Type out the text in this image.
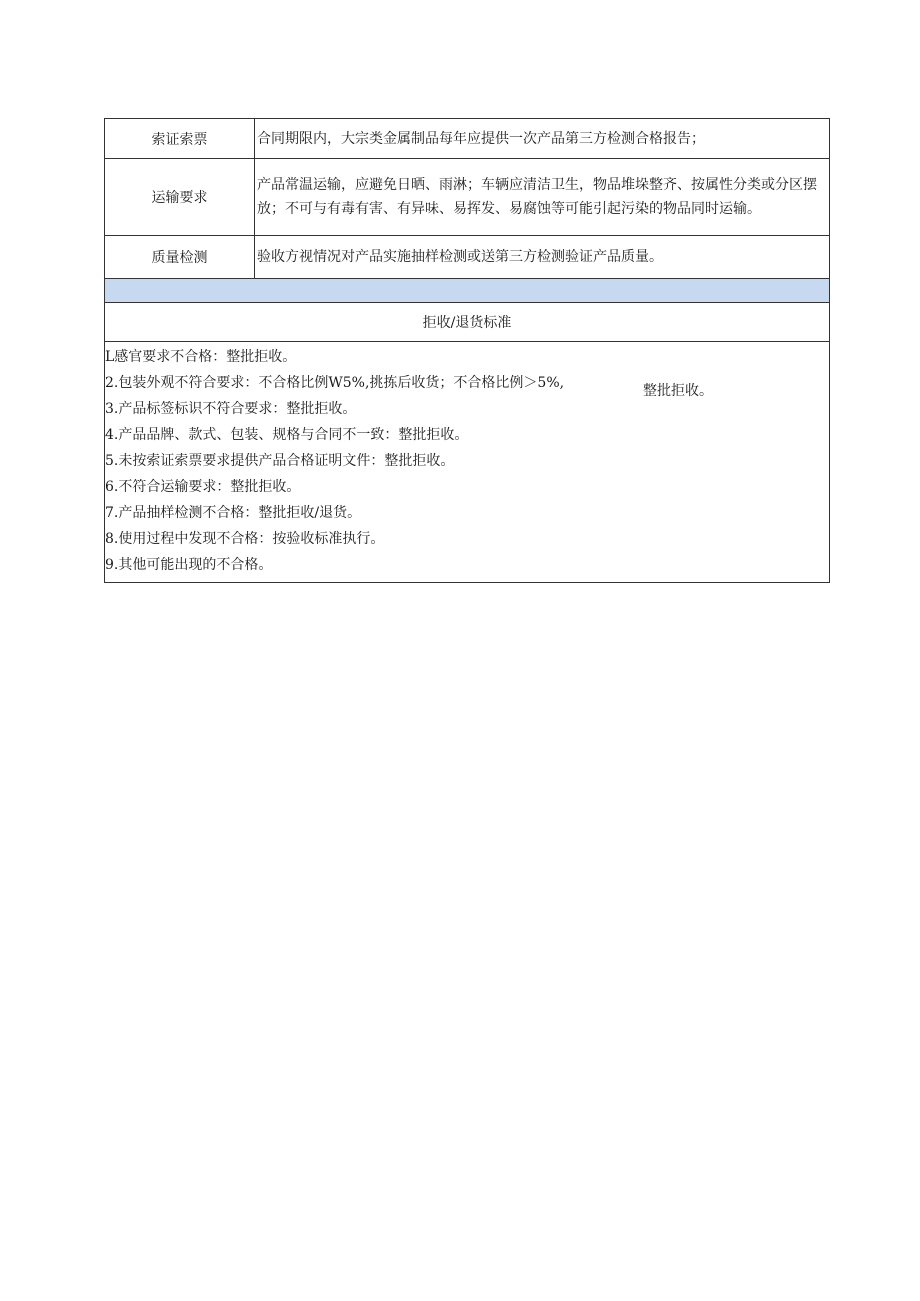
索证索票	合同期限内，大宗类金属制品每年应提供一次产品第三方检测合格报告；
运输要求
产品常温运输，应避免日晒、雨淋；车辆应清洁卫生，物品堆垛整齐、按属性分类或分区摆放；不可与有毒有害、有异味、易挥发、易腐蚀等可能引起污染的物品同时运输。
质量检测	验收方视情况对产品实施抽样检测或送第三方检测验证产品质量。
拒收/退货标准
L感官要求不合格：整批拒收。
2.包装外观不符合要求：不合格比例W5%,挑拣后收货；不合格比例＞5%,
3.产品标签标识不符合要求：整批拒收。
4.产品品牌、款式、包装、规格与合同不一致：整批拒收。
5.未按索证索票要求提供产品合格证明文件：整批拒收。
6.不符合运输要求：整批拒收。
7.产品抽样检测不合格：整批拒收/退货。
8.使用过程中发现不合格：按验收标准执行。
9.其他可能出现的不合格。
整批拒收。
